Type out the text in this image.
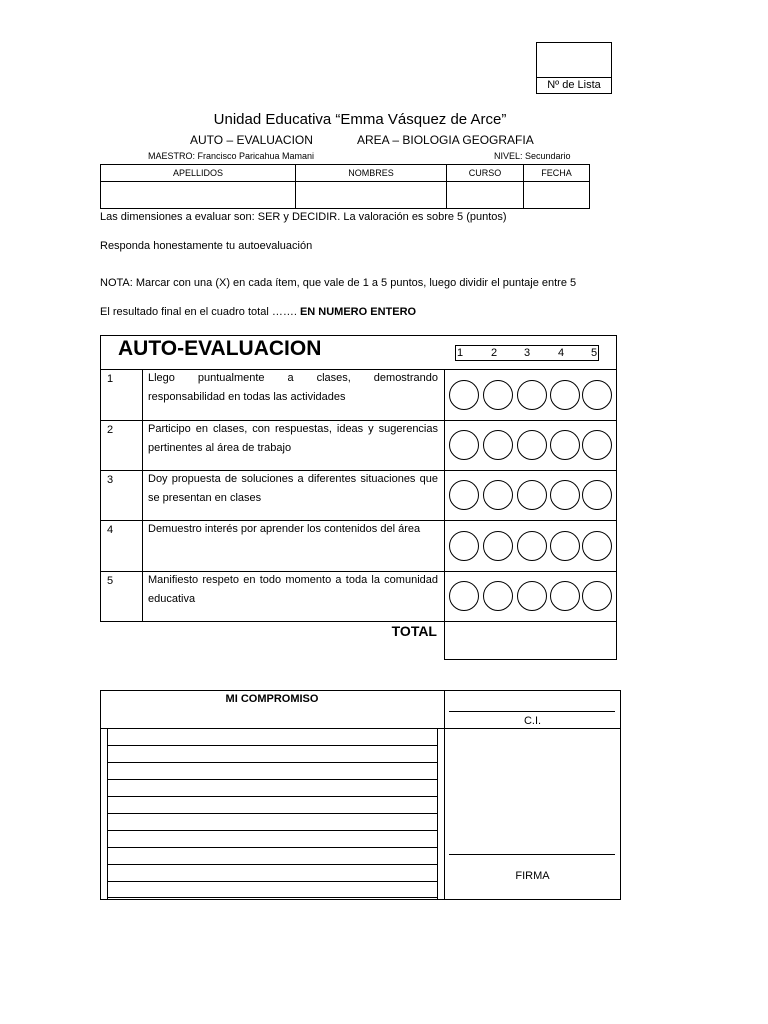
Nº de Lista
Unidad Educativa “Emma Vásquez de Arce”
AUTO – EVALUACION	AREA – BIOLOGIA GEOGRAFIA
MAESTRO: Francisco Paricahua Mamani	NIVEL: Secundario
APELLIDOS	NOMBRES	CURSO	FECHA

Las dimensiones a evaluar son: SER y DECIDIR. La valoración es sobre 5 (puntos)
Responda honestamente tu autoevaluación
NOTA: Marcar con una (X) en cada ítem, que vale de 1 a 5 puntos, luego dividir el puntaje entre 5
El resultado final en el cuadro total ……. EN NUMERO ENTERO
AUTO-EVALUACION	1	2 3	4 5
1	Llego puntualmente a clases, demostrando responsabilidad en todas las actividades
2	Participo en clases, con respuestas, ideas y sugerencias pertinentes al área de trabajo
3	Doy propuesta de soluciones a diferentes situaciones que se presentan en clases
4	Demuestro interés por aprender los contenidos del área
5	Manifiesto respeto en todo momento a toda la comunidad educativa
TOTAL
MI COMPROMISO
C.I.
FIRMA
